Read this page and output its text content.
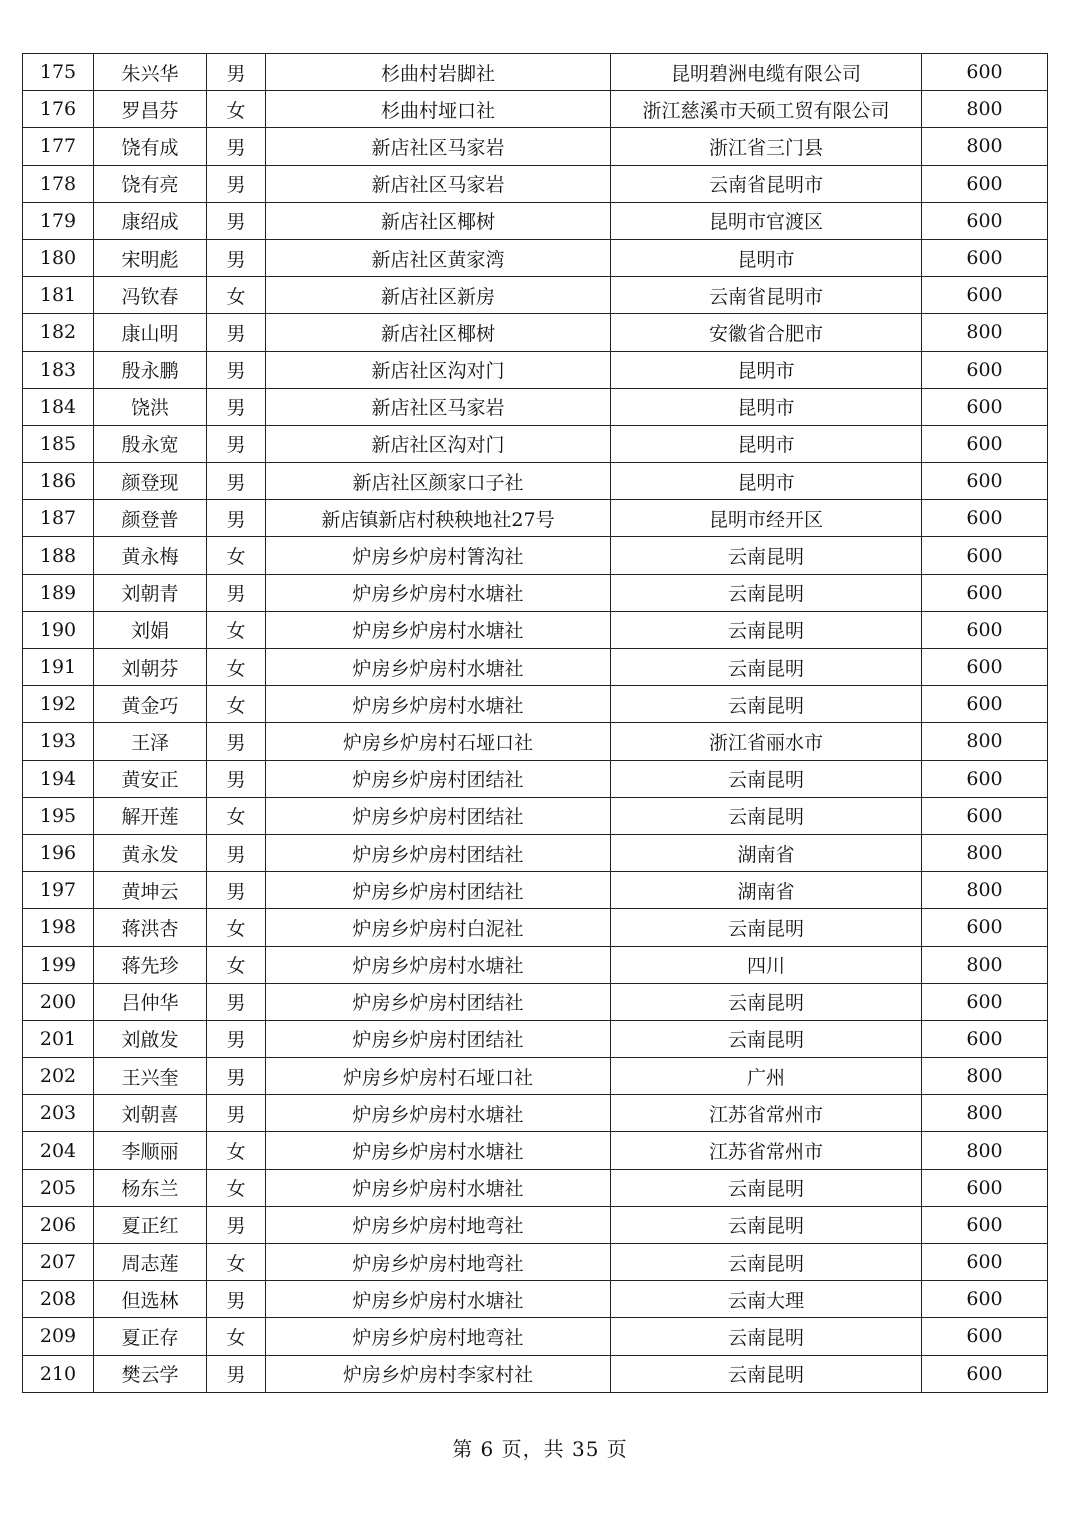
175	朱兴华	男	杉曲村岩脚社	昆明碧洲电缆有限公司	600
176	罗昌芬	女	杉曲村垭口社	浙江慈溪市天硕工贸有限公司	800
177	饶有成	男	新店社区马家岩	浙江省三门县	800
178	饶有亮	男	新店社区马家岩	云南省昆明市	600
179	康绍成	男	新店社区椰树	昆明市官渡区	600
180	宋明彪	男	新店社区黄家湾	昆明市	600
181	冯钦春	女	新店社区新房	云南省昆明市	600
182	康山明	男	新店社区椰树	安徽省合肥市	800
183	殷永鹏	男	新店社区沟对门	昆明市	600
184	饶洪	男	新店社区马家岩	昆明市	600
185	殷永宽	男	新店社区沟对门	昆明市	600
186	颜登现	男	新店社区颜家口子社	昆明市	600
187	颜登普	男	新店镇新店村秧秧地社27号	昆明市经开区	600
188	黄永梅	女	炉房乡炉房村箐沟社	云南昆明	600
189	刘朝青	男	炉房乡炉房村水塘社	云南昆明	600
190	刘娟	女	炉房乡炉房村水塘社	云南昆明	600
191	刘朝芬	女	炉房乡炉房村水塘社	云南昆明	600
192	黄金巧	女	炉房乡炉房村水塘社	云南昆明	600
193	王泽	男	炉房乡炉房村石垭口社	浙江省丽水市	800
194	黄安正	男	炉房乡炉房村团结社	云南昆明	600
195	解开莲	女	炉房乡炉房村团结社	云南昆明	600
196	黄永发	男	炉房乡炉房村团结社	湖南省	800
197	黄坤云	男	炉房乡炉房村团结社	湖南省	800
198	蒋洪杏	女	炉房乡炉房村白泥社	云南昆明	600
199	蒋先珍	女	炉房乡炉房村水塘社	四川	800
200	吕仲华	男	炉房乡炉房村团结社	云南昆明	600
201	刘啟发	男	炉房乡炉房村团结社	云南昆明	600
202	王兴奎	男	炉房乡炉房村石垭口社	广州	800
203	刘朝喜	男	炉房乡炉房村水塘社	江苏省常州市	800
204	李顺丽	女	炉房乡炉房村水塘社	江苏省常州市	800
205	杨东兰	女	炉房乡炉房村水塘社	云南昆明	600
206	夏正红	男	炉房乡炉房村地弯社	云南昆明	600
207	周志莲	女	炉房乡炉房村地弯社	云南昆明	600
208	但选林	男	炉房乡炉房村水塘社	云南大理	600
209	夏正存	女	炉房乡炉房村地弯社	云南昆明	600
210	樊云学	男	炉房乡炉房村李家村社	云南昆明	600
第 6 页，共 35 页
